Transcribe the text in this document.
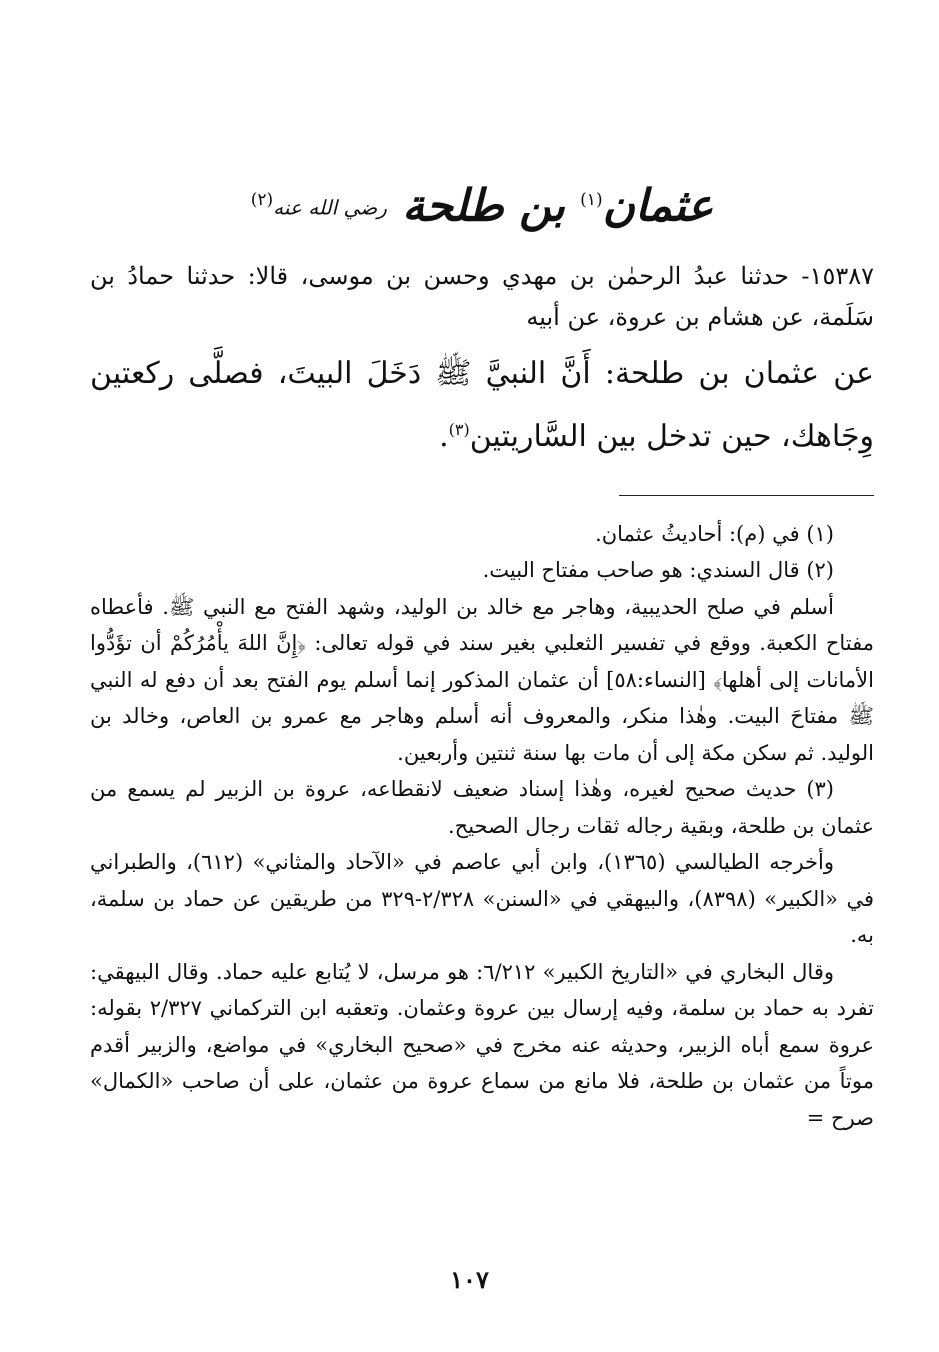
عثمان$^{(١)}$ بن طلحة رضي الله عنه$^{(٢)}$

١٥٣٨٧- حدثنا عبدُ الرحمٰن بن مهدي وحسن بن موسى، قالا: حدثنا حمادُ بن سَلَمة، عن هشام بن عروة، عن أبيه

عن عثمان بن طلحة: أَنَّ النبيَّ ﷺ دَخَلَ البيتَ، فصلَّى ركعتين وِجَاهك، حين تدخل بين السَّاريتين$^{(٣)}$.

(١) في (م): أحاديثُ عثمان.

(٢) قال السندي: هو صاحب مفتاح البيت.

أسلم في صلح الحديبية، وهاجر مع خالد بن الوليد، وشهد الفتح مع النبي ﷺ. فأعطاه مفتاح الكعبة. ووقع في تفسير الثعلبي بغير سند في قوله تعالى: ﴿إِنَّ اللهَ يأْمُرُكُمْ أن تؤَدُّوا الأمانات إلى أهلها﴾ [النساء:٥٨] أن عثمان المذكور إنما أسلم يوم الفتح بعد أن دفع له النبي ﷺ مفتاحَ البيت. وهٰذا منكر، والمعروف أنه أسلم وهاجر مع عمرو بن العاص، وخالد بن الوليد. ثم سكن مكة إلى أن مات بها سنة ثنتين وأربعين.

(٣) حديث صحيح لغيره، وهٰذا إسناد ضعيف لانقطاعه، عروة بن الزبير لم يسمع من عثمان بن طلحة، وبقية رجاله ثقات رجال الصحيح.

وأخرجه الطيالسي (١٣٦٥)، وابن أبي عاصم في «الآحاد والمثاني» (٦١٢)، والطبراني في «الكبير» (٨٣٩٨)، والبيهقي في «السنن» ٢/٣٢٨-٣٢٩ من طريقين عن حماد بن سلمة، به.

وقال البخاري في «التاريخ الكبير» ٦/٢١٢: هو مرسل، لا يُتابع عليه حماد. وقال البيهقي: تفرد به حماد بن سلمة، وفيه إرسال بين عروة وعثمان. وتعقبه ابن التركماني ٢/٣٢٧ بقوله: عروة سمع أباه الزبير، وحديثه عنه مخرج في «صحيح البخاري» في مواضع، والزبير أقدم موتاً من عثمان بن طلحة، فلا مانع من سماع عروة من عثمان، على أن صاحب «الكمال» صرح =

١٠٧
